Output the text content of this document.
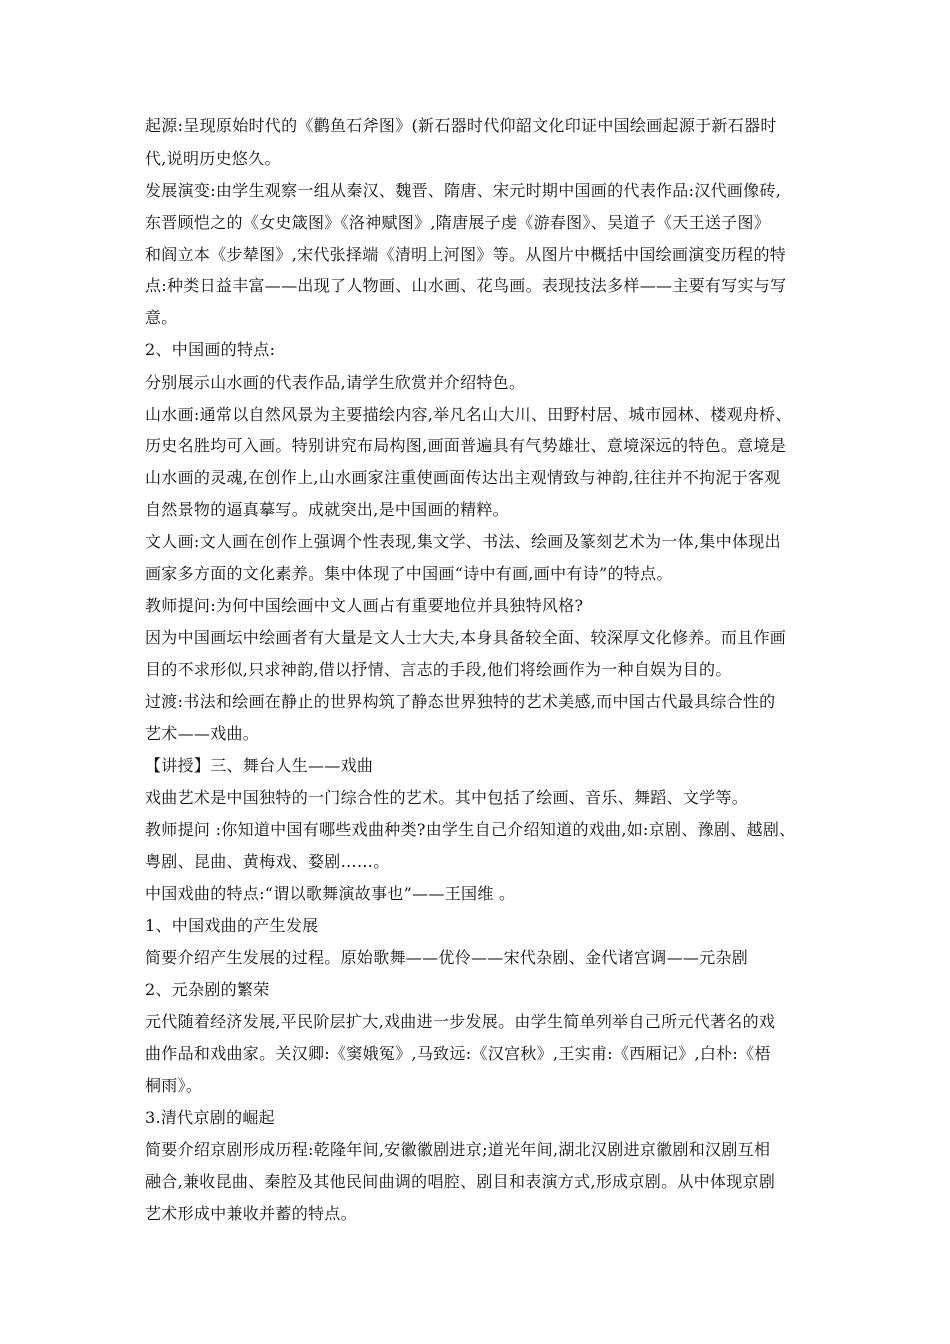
起源:呈现原始时代的《鹳鱼石斧图》(新石器时代仰韶文化印证中国绘画起源于新石器时
代,说明历史悠久。
发展演变:由学生观察一组从秦汉、魏晋、隋唐、宋元时期中国画的代表作品:汉代画像砖,
东晋顾恺之的《女史箴图》《洛神赋图》,隋唐展子虔《游春图》、吴道子《天王送子图》
和阎立本《步辇图》,宋代张择端《清明上河图》等。从图片中概括中国绘画演变历程的特
点:种类日益丰富——出现了人物画、山水画、花鸟画。表现技法多样——主要有写实与写
意。
2、中国画的特点:
分别展示山水画的代表作品,请学生欣赏并介绍特色。
山水画:通常以自然风景为主要描绘内容,举凡名山大川、田野村居、城市园林、楼观舟桥、
历史名胜均可入画。特别讲究布局构图,画面普遍具有气势雄壮、意境深远的特色。意境是
山水画的灵魂,在创作上,山水画家注重使画面传达出主观情致与神韵,往往并不拘泥于客观
自然景物的逼真摹写。成就突出,是中国画的精粹。
文人画:文人画在创作上强调个性表现,集文学、书法、绘画及篆刻艺术为一体,集中体现出
画家多方面的文化素养。集中体现了中国画“诗中有画,画中有诗”的特点。
教师提问:为何中国绘画中文人画占有重要地位并具独特风格?
因为中国画坛中绘画者有大量是文人士大夫,本身具备较全面、较深厚文化修养。而且作画
目的不求形似,只求神韵,借以抒情、言志的手段,他们将绘画作为一种自娱为目的。
过渡:书法和绘画在静止的世界构筑了静态世界独特的艺术美感,而中国古代最具综合性的
艺术——戏曲。
【讲授】三、舞台人生——戏曲
戏曲艺术是中国独特的一门综合性的艺术。其中包括了绘画、音乐、舞蹈、文学等。
教师提问 :你知道中国有哪些戏曲种类?由学生自己介绍知道的戏曲,如:京剧、豫剧、越剧、
粤剧、昆曲、黄梅戏、婺剧……。
中国戏曲的特点:“谓以歌舞演故事也”——王国维 。
1、中国戏曲的产生发展
简要介绍产生发展的过程。原始歌舞——优伶——宋代杂剧、金代诸宫调——元杂剧
2、元杂剧的繁荣
元代随着经济发展,平民阶层扩大,戏曲进一步发展。由学生简单列举自己所元代著名的戏
曲作品和戏曲家。关汉卿:《窦娥冤》,马致远:《汉宫秋》,王实甫:《西厢记》,白朴:《梧
桐雨》。
3.清代京剧的崛起
简要介绍京剧形成历程:乾隆年间,安徽徽剧进京;道光年间,湖北汉剧进京徽剧和汉剧互相
融合,兼收昆曲、秦腔及其他民间曲调的唱腔、剧目和表演方式,形成京剧。从中体现京剧
艺术形成中兼收并蓄的特点。
